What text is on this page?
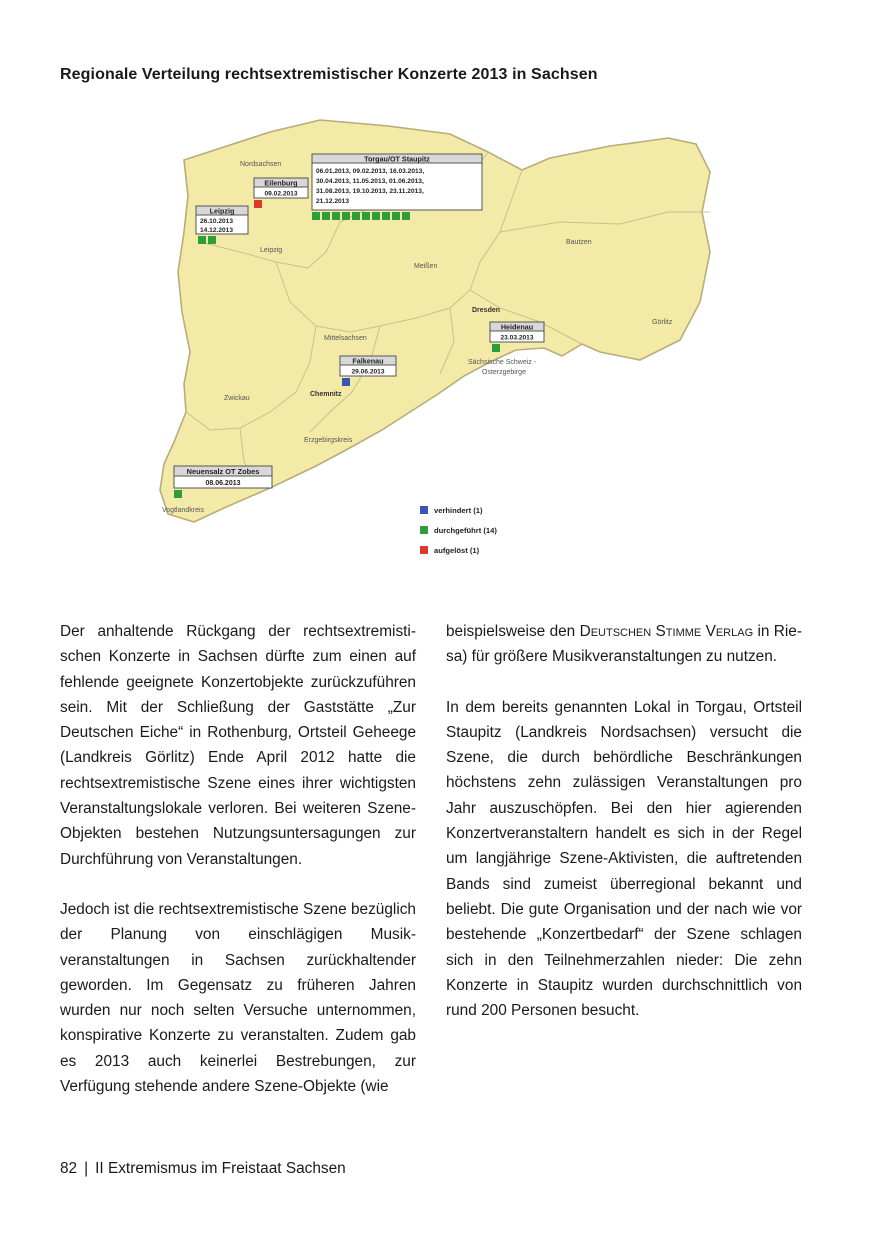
Regionale Verteilung rechtsextremistischer Konzerte 2013 in Sachsen
Nordsachsen
Leipzig
Meißen
Bautzen
Görlitz
Dresden
Mittelsachsen
Sächsische Schweiz -
Osterzgebirge
Chemnitz
Zwickau
Erzgebirgskreis
Vogtlandkreis
Torgau/OT Staupitz
06.01.2013, 09.02.2013, 16.03.2013,
30.04.2013, 11.05.2013, 01.06.2013,
31.08.2013, 19.10.2013, 23.11.2013,
21.12.2013
Eilenburg
09.02.2013
Leipzig
26.10.2013
14.12.2013
Heidenau
23.03.2013
Falkenau
29.06.2013
Neuensalz OT Zobes
08.06.2013
verhindert (1)
durchgeführt (14)
aufgelöst (1)

Der anhaltende Rückgang der rechtsextremistischen Konzerte in Sachsen dürfte zum einen auf fehlende geeignete Konzertobjekte zurückzuführen sein. Mit der Schließung der Gaststätte „Zur Deutschen Eiche“ in Rothenburg, Ortsteil Geheege (Landkreis Görlitz) Ende April 2012 hatte die rechtsextremistische Szene eines ihrer wichtigsten Veranstaltungslokale verloren. Bei weiteren Szene-Objekten bestehen Nutzungsuntersagungen zur Durchführung von Veranstaltungen.

Jedoch ist die rechtsextremistische Szene bezüglich der Planung von einschlägigen Musikveranstaltungen in Sachsen zurückhaltender geworden. Im Gegensatz zu früheren Jahren wurden nur noch selten Versuche unternommen, konspirative Konzerte zu veranstalten. Zudem gab es 2013 auch keinerlei Bestrebungen, zur Verfügung stehende andere Szene-Objekte (wie

beispielsweise den Deutschen Stimme Verlag in Riesa) für größere Musikveranstaltungen zu nutzen.

In dem bereits genannten Lokal in Torgau, Ortsteil Staupitz (Landkreis Nordsachsen) versucht die Szene, die durch behördliche Beschränkungen höchstens zehn zulässigen Veranstaltungen pro Jahr auszuschöpfen. Bei den hier agierenden Konzertveranstaltern handelt es sich in der Regel um langjährige Szene-Aktivisten, die auftretenden Bands sind zumeist überregional bekannt und beliebt. Die gute Organisation und der nach wie vor bestehende „Konzertbedarf“ der Szene schlagen sich in den Teilnehmerzahlen nieder: Die zehn Konzerte in Staupitz wurden durchschnittlich von rund 200 Personen besucht.

82 | II Extremismus im Freistaat Sachsen
